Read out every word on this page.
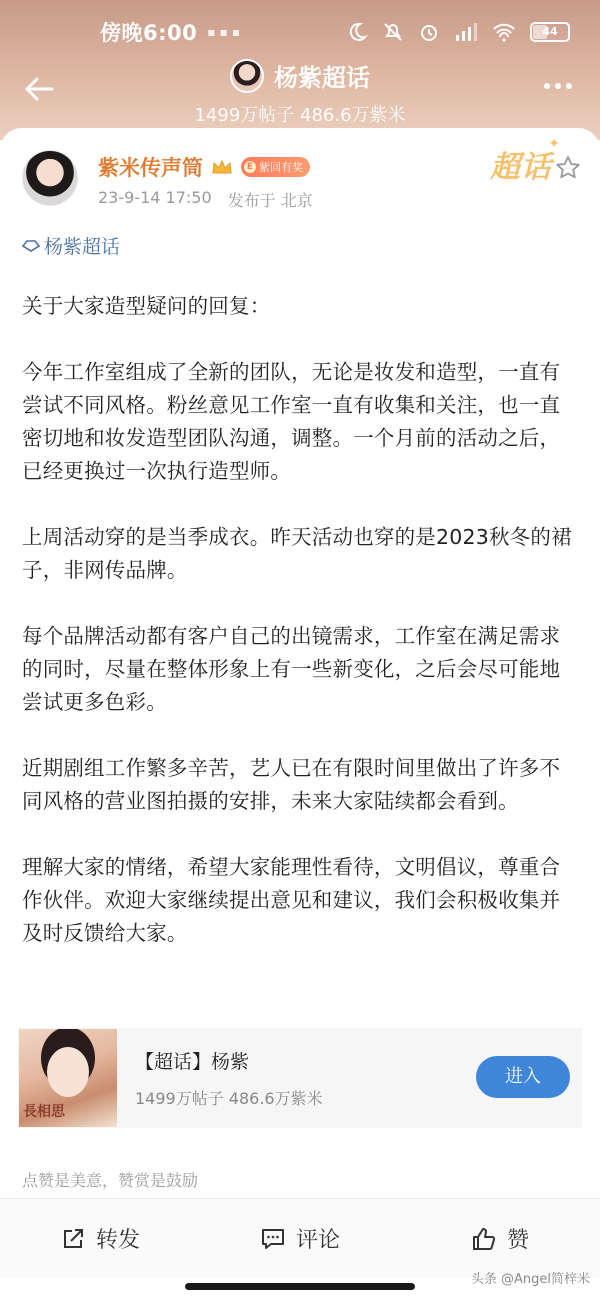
傍晚6:00 ▪ ▪ ▪	44
杨紫超话
1499万帖子 486.6万紫米
紫米传声筒	E 紫回有奖
23-9-14 17:50 发布于 北京
超话
✦
杨紫超话

关于大家造型疑问的回复：

今年工作室组成了全新的团队，无论是妆发和造型，一直有尝试不同风格。粉丝意见工作室一直有收集和关注，也一直密切地和妆发造型团队沟通，调整。一个月前的活动之后，已经更换过一次执行造型师。

上周活动穿的是当季成衣。昨天活动也穿的是2023秋冬的裙子，非网传品牌。

每个品牌活动都有客户自己的出镜需求，工作室在满足需求的同时，尽量在整体形象上有一些新变化，之后会尽可能地尝试更多色彩。

近期剧组工作繁多辛苦，艺人已在有限时间里做出了许多不同风格的营业图拍摄的安排，未来大家陆续都会看到。

理解大家的情绪，希望大家能理性看待，文明倡议，尊重合作伙伴。欢迎大家继续提出意见和建议，我们会积极收集并及时反馈给大家。

長相思
【超话】杨紫
1499万帖子 486.6万紫米
进入
点赞是美意，赞赏是鼓励
转发	评论	赞
头条 @Angel简梓米
